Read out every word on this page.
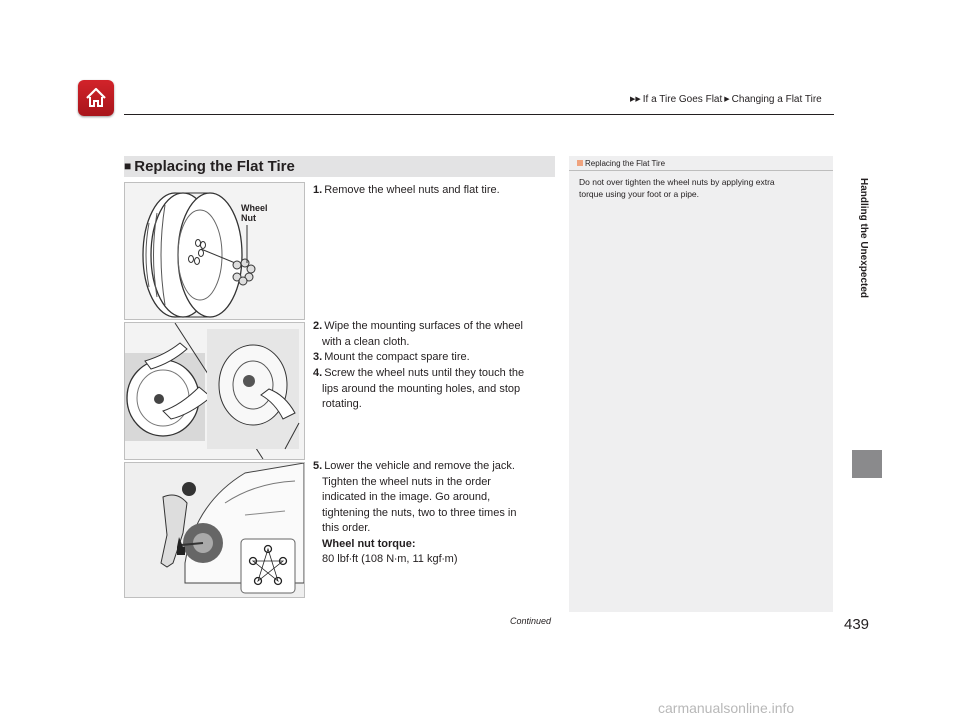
▶▶ If a Tire Goes Flat ▶ Changing a Flat Tire
Handling the Unexpected
■ Replacing the Flat Tire
Wheel
Nut
1. Remove the wheel nuts and flat tire.
2. Wipe the mounting surfaces of the wheel
with a clean cloth.
3. Mount the compact spare tire.
4. Screw the wheel nuts until they touch the
lips around the mounting holes, and stop
rotating.
5. Lower the vehicle and remove the jack.
Tighten the wheel nuts in the order
indicated in the image. Go around,
tightening the nuts, two to three times in
this order.
Wheel nut torque:
80 lbf∙ft (108 N∙m, 11 kgf∙m)
Replacing the Flat Tire
Do not over tighten the wheel nuts by applying extra
torque using your foot or a pipe.
Continued	439
carmanualsonline.info
